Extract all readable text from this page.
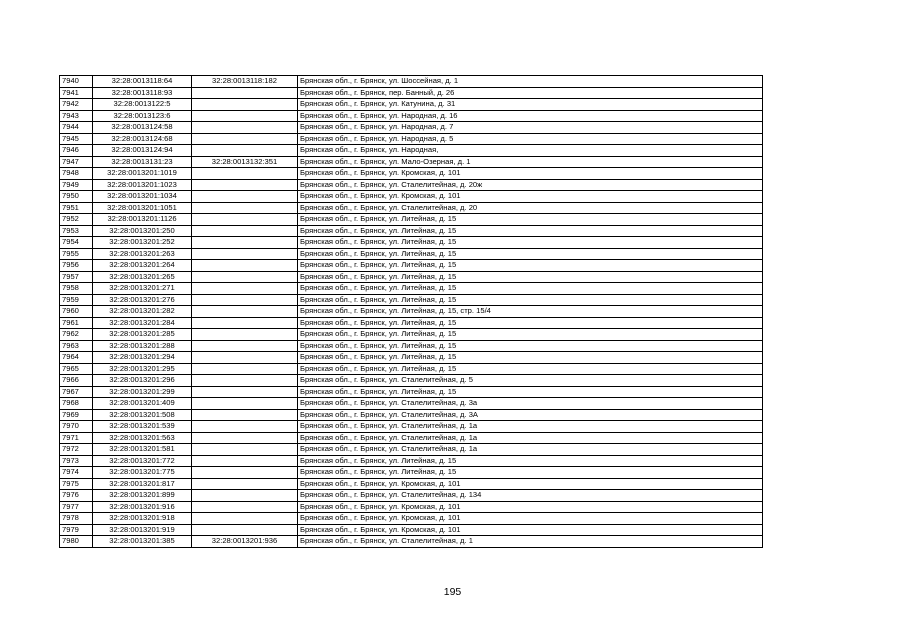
7940	32:28:0013118:64	32:28:0013118:182	Брянская обл., г. Брянск, ул. Шоссейная, д. 1
7941	32:28:0013118:93		Брянская обл., г. Брянск, пер. Банный, д. 26
7942	32:28:0013122:5		Брянская обл., г. Брянск, ул. Катунина, д. 31
7943	32:28:0013123:6		Брянская обл., г. Брянск, ул. Народная, д. 16
7944	32:28:0013124:58		Брянская обл., г. Брянск, ул. Народная, д. 7
7945	32:28:0013124:68		Брянская обл., г. Брянск, ул. Народная, д. 5
7946	32:28:0013124:94		Брянская обл., г. Брянск, ул. Народная,
7947	32:28:0013131:23	32:28:0013132:351	Брянская обл., г. Брянск, ул. Мало-Озерная, д. 1
7948	32:28:0013201:1019		Брянская обл., г. Брянск, ул. Кромская, д. 101
7949	32:28:0013201:1023		Брянская обл., г. Брянск, ул. Сталелитейная, д. 20ж
7950	32:28:0013201:1034		Брянская обл., г. Брянск, ул. Кромская, д. 101
7951	32:28:0013201:1051		Брянская обл., г. Брянск, ул. Сталелитейная, д. 20
7952	32:28:0013201:1126		Брянская обл., г. Брянск, ул. Литейная, д. 15
7953	32:28:0013201:250		Брянская обл., г. Брянск, ул. Литейная, д. 15
7954	32:28:0013201:252		Брянская обл., г. Брянск, ул. Литейная, д. 15
7955	32:28:0013201:263		Брянская обл., г. Брянск, ул. Литейная, д. 15
7956	32:28:0013201:264		Брянская обл., г. Брянск, ул. Литейная, д. 15
7957	32:28:0013201:265		Брянская обл., г. Брянск, ул. Литейная, д. 15
7958	32:28:0013201:271		Брянская обл., г. Брянск, ул. Литейная, д. 15
7959	32:28:0013201:276		Брянская обл., г. Брянск, ул. Литейная, д. 15
7960	32:28:0013201:282		Брянская обл., г. Брянск, ул. Литейная, д. 15, стр. 15/4
7961	32:28:0013201:284		Брянская обл., г. Брянск, ул. Литейная, д. 15
7962	32:28:0013201:285		Брянская обл., г. Брянск, ул. Литейная, д. 15
7963	32:28:0013201:288		Брянская обл., г. Брянск, ул. Литейная, д. 15
7964	32:28:0013201:294		Брянская обл., г. Брянск, ул. Литейная, д. 15
7965	32:28:0013201:295		Брянская обл., г. Брянск, ул. Литейная, д. 15
7966	32:28:0013201:296		Брянская обл., г. Брянск, ул. Сталелитейная, д. 5
7967	32:28:0013201:299		Брянская обл., г. Брянск, ул. Литейная, д. 15
7968	32:28:0013201:409		Брянская обл., г. Брянск, ул. Сталелитейная, д. 3а
7969	32:28:0013201:508		Брянская обл., г. Брянск, ул. Сталелитейная, д. 3А
7970	32:28:0013201:539		Брянская обл., г. Брянск, ул. Сталелитейная, д. 1а
7971	32:28:0013201:563		Брянская обл., г. Брянск, ул. Сталелитейная, д. 1а
7972	32:28:0013201:581		Брянская обл., г. Брянск, ул. Сталелитейная, д. 1а
7973	32:28:0013201:772		Брянская обл., г. Брянск, ул. Литейная, д. 15
7974	32:28:0013201:775		Брянская обл., г. Брянск, ул. Литейная, д. 15
7975	32:28:0013201:817		Брянская обл., г. Брянск, ул. Кромская, д. 101
7976	32:28:0013201:899		Брянская обл., г. Брянск, ул. Сталелитейная, д. 134
7977	32:28:0013201:916		Брянская обл., г. Брянск, ул. Кромская, д. 101
7978	32:28:0013201:918		Брянская обл., г. Брянск, ул. Кромская, д. 101
7979	32:28:0013201:919		Брянская обл., г. Брянск, ул. Кромская, д. 101
7980	32:28:0013201:385	32:28:0013201:936	Брянская обл., г. Брянск, ул. Сталелитейная, д. 1
195
